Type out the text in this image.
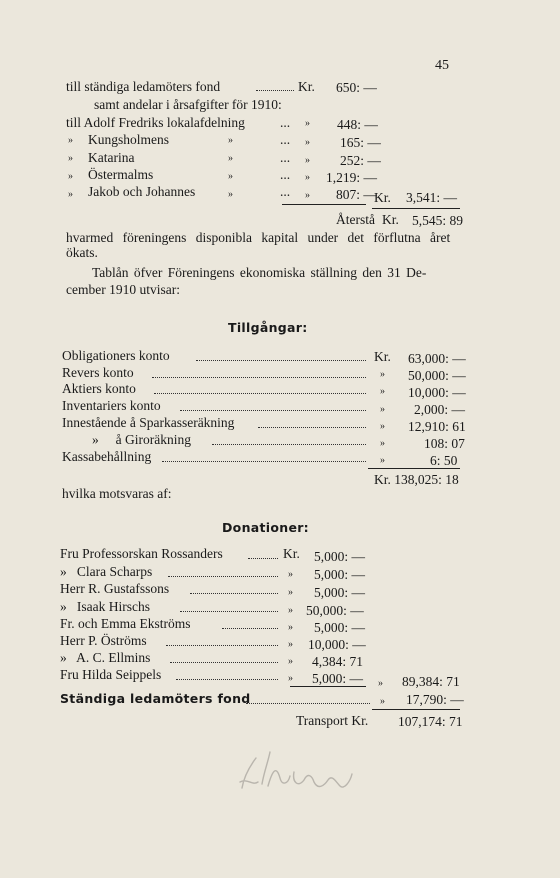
45
till ständiga ledamöters fond	Kr. 650: —
samt andelar i årsafgifter för 1910:
till Adolf Fredriks lokalafdelning	... » 448: —
» Kungsholmens	»	... » 165: —
» Katarina	»	... » 252: —
» Östermalms	»	... » 1,219: —
» Jakob och Johannes	»	... » 807: —
Kr. 3,541: —
Återstå Kr. 5,545: 89
hvarmed föreningens disponibla kapital under det förflutna året
ökats.
Tablån öfver Föreningens ekonomiska ställning den 31 De-
cember 1910 utvisar:
Tillgångar:
Obligationers konto	Kr. 63,000: —
Revers konto	» 50,000: —
Aktiers konto	» 10,000: —
Inventariers konto	» 2,000: —
Innestående å Sparkasseräkning	» 12,910: 61
»     å Giroräkning	»	108: 07
Kassabehållning	»	6: 50
Kr. 138,025: 18
hvilka motsvaras af:
Donationer:
Fru Professorskan Rossanders	Kr. 5,000: —
»   Clara Scharps	» 5,000: —
Herr R. Gustafssons	» 5,000: —
»   Isaak Hirschs	» 50,000: —
Fr. och Emma Ekströms	» 5,000: —
Herr P. Öströms	» 10,000: —
»   A. C. Ellmins	» 4,384: 71
Fru Hilda Seippels	» 5,000: — » 89,384: 71
Ständiga ledamöters fond	» 17,790: —
Transport Kr. 107,174: 71
